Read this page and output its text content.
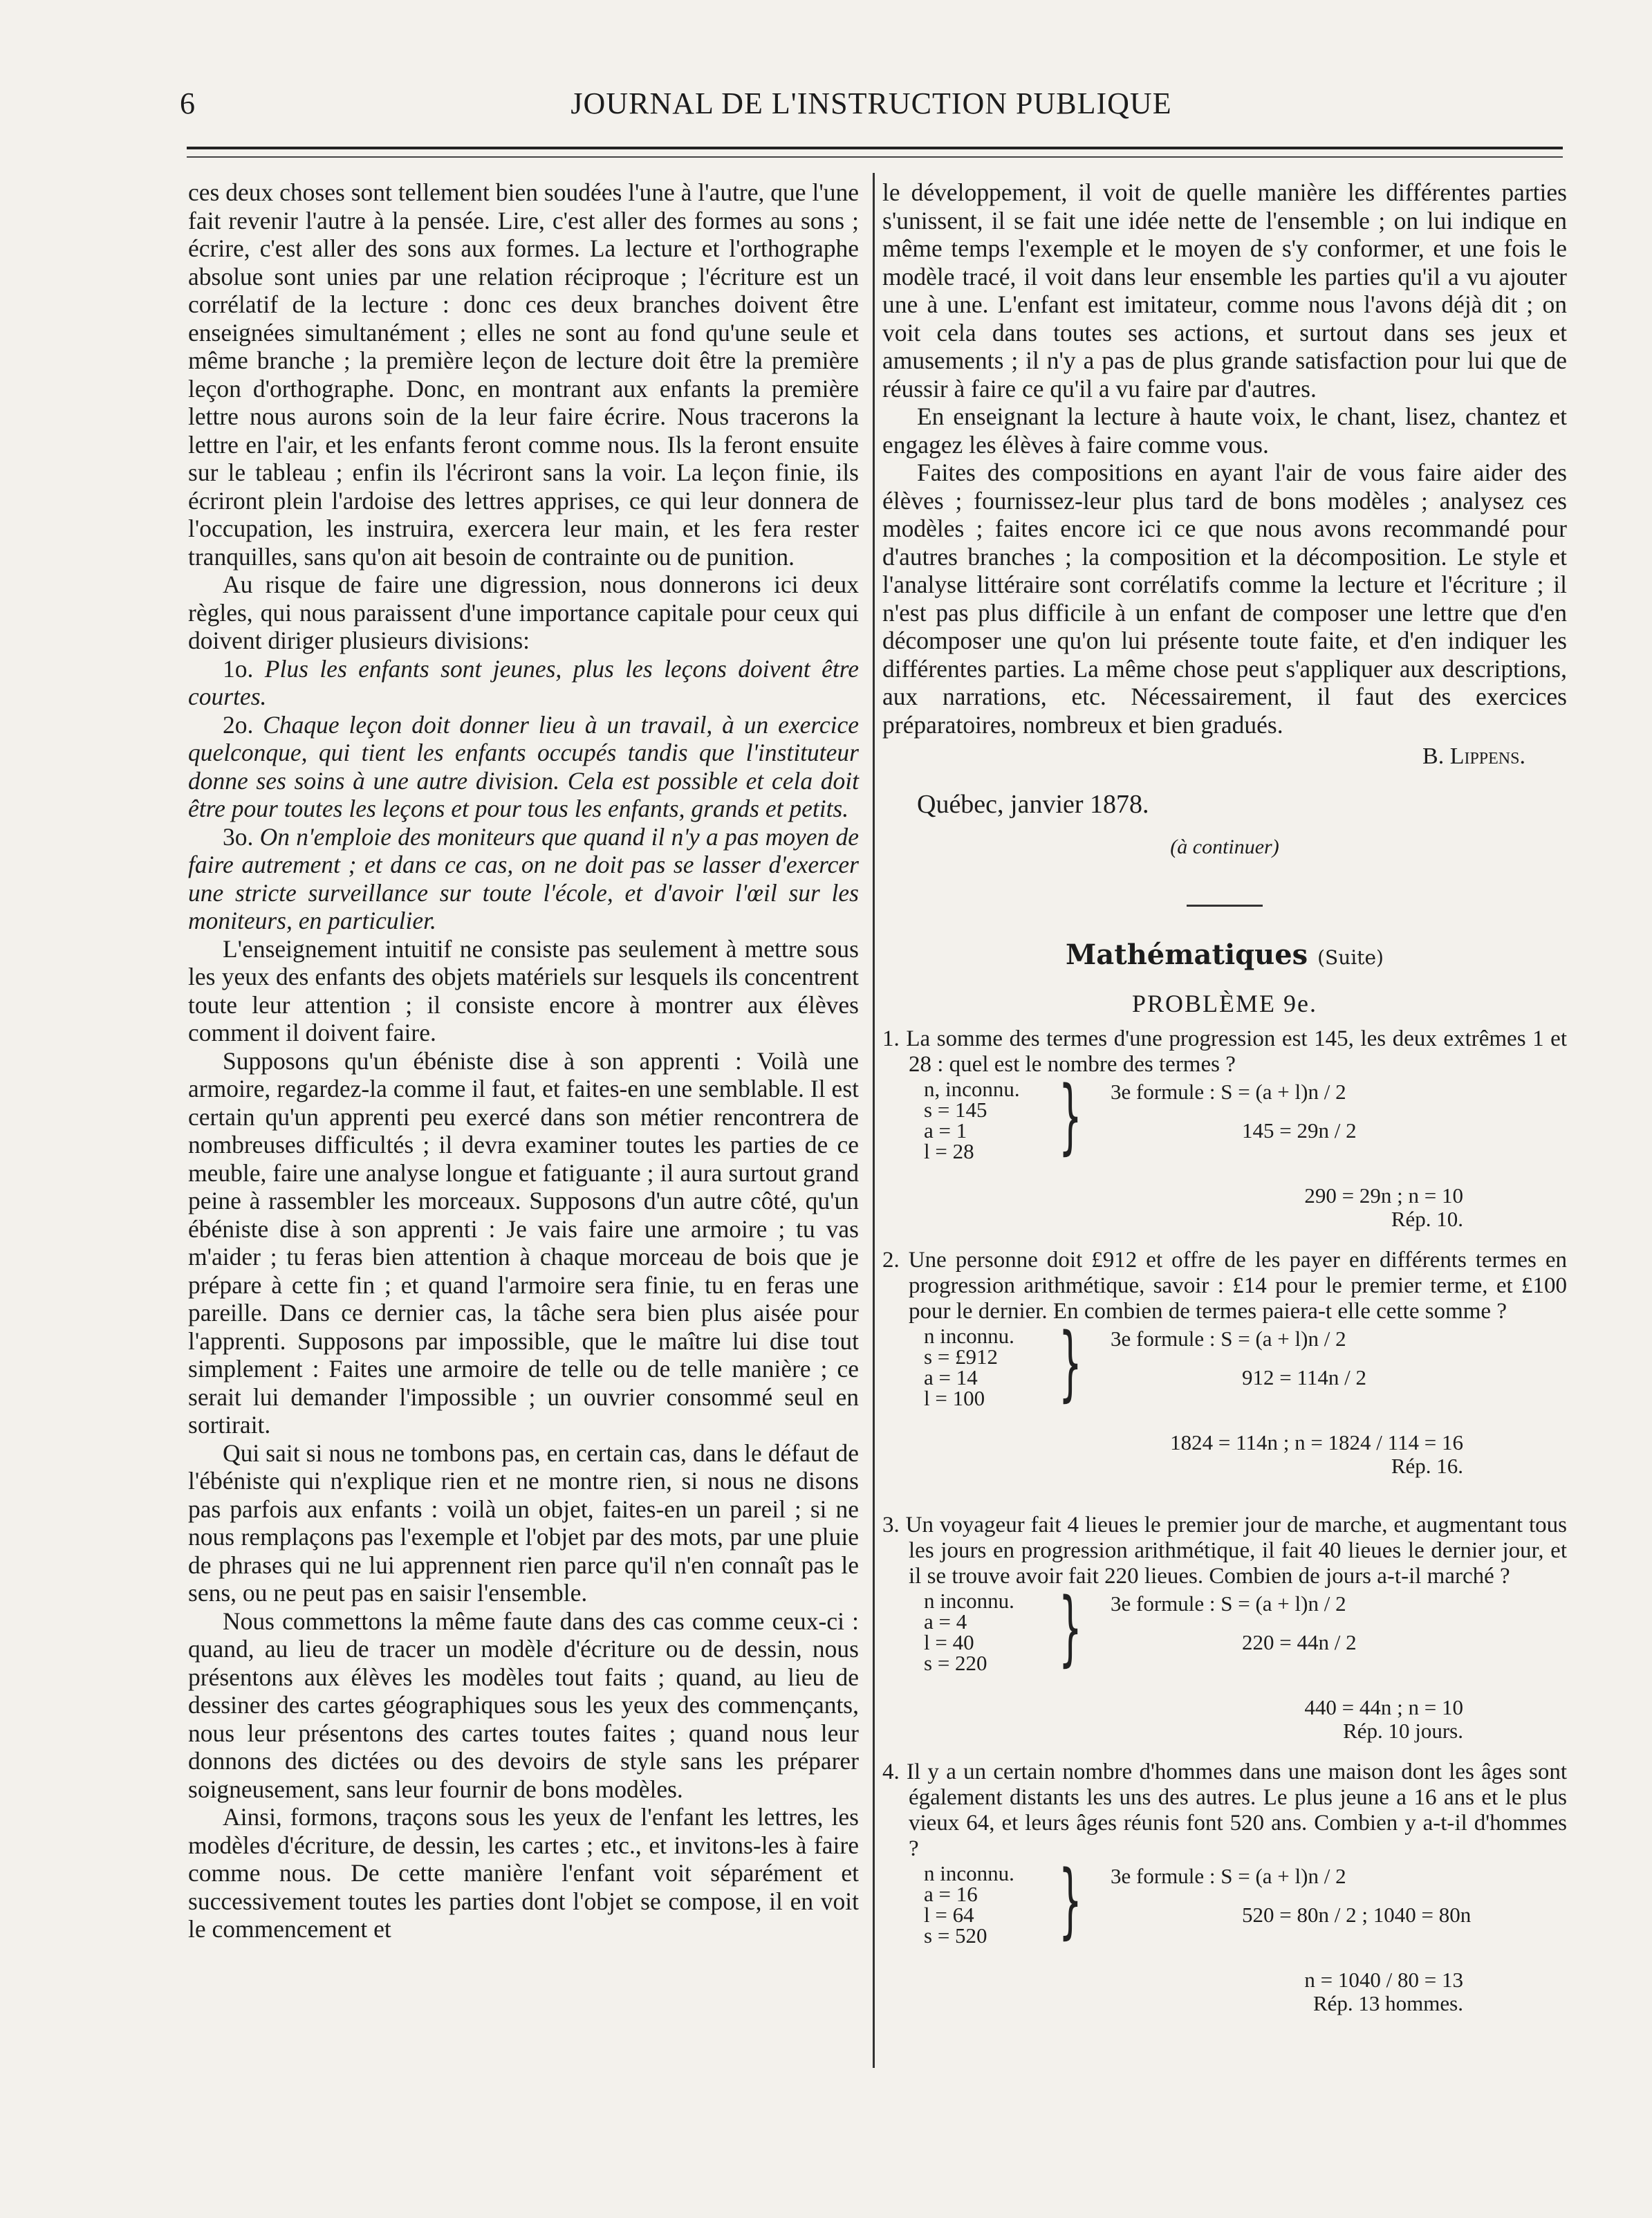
6	JOURNAL DE L'INSTRUCTION PUBLIQUE

ces deux choses sont tellement bien soudées l'une à l'autre, que l'une fait revenir l'autre à la pensée. Lire, c'est aller des formes au sons ; écrire, c'est aller des sons aux formes. La lecture et l'orthographe absolue sont unies par une relation réciproque ; l'écriture est un corrélatif de la lecture : donc ces deux branches doivent être enseignées simultanément ; elles ne sont au fond qu'une seule et même branche ; la première leçon de lecture doit être la première leçon d'orthographe. Donc, en montrant aux enfants la première lettre nous aurons soin de la leur faire écrire. Nous tracerons la lettre en l'air, et les enfants feront comme nous. Ils la feront ensuite sur le tableau ; enfin ils l'écriront sans la voir. La leçon finie, ils écriront plein l'ardoise des lettres apprises, ce qui leur donnera de l'occupation, les instruira, exercera leur main, et les fera rester tranquilles, sans qu'on ait besoin de contrainte ou de punition.

Au risque de faire une digression, nous donnerons ici deux règles, qui nous paraissent d'une importance capitale pour ceux qui doivent diriger plusieurs divisions:

1o. Plus les enfants sont jeunes, plus les leçons doivent être courtes.

2o. Chaque leçon doit donner lieu à un travail, à un exercice quelconque, qui tient les enfants occupés tandis que l'instituteur donne ses soins à une autre division. Cela est possible et cela doit être pour toutes les leçons et pour tous les enfants, grands et petits.

3o. On n'emploie des moniteurs que quand il n'y a pas moyen de faire autrement ; et dans ce cas, on ne doit pas se lasser d'exercer une stricte surveillance sur toute l'école, et d'avoir l'œil sur les moniteurs, en particulier.

L'enseignement intuitif ne consiste pas seulement à mettre sous les yeux des enfants des objets matériels sur lesquels ils concentrent toute leur attention ; il consiste encore à montrer aux élèves comment il doivent faire.

Supposons qu'un ébéniste dise à son apprenti : Voilà une armoire, regardez-la comme il faut, et faites-en une semblable. Il est certain qu'un apprenti peu exercé dans son métier rencontrera de nombreuses difficultés ; il devra examiner toutes les parties de ce meuble, faire une analyse longue et fatiguante ; il aura surtout grand peine à rassembler les morceaux. Supposons d'un autre côté, qu'un ébéniste dise à son apprenti : Je vais faire une armoire ; tu vas m'aider ; tu feras bien attention à chaque morceau de bois que je prépare à cette fin ; et quand l'armoire sera finie, tu en feras une pareille. Dans ce dernier cas, la tâche sera bien plus aisée pour l'apprenti. Supposons par impossible, que le maître lui dise tout simplement : Faites une armoire de telle ou de telle manière ; ce serait lui demander l'impossible ; un ouvrier consommé seul en sortirait.

Qui sait si nous ne tombons pas, en certain cas, dans le défaut de l'ébéniste qui n'explique rien et ne montre rien, si nous ne disons pas parfois aux enfants : voilà un objet, faites-en un pareil ; si ne nous remplaçons pas l'exemple et l'objet par des mots, par une pluie de phrases qui ne lui apprennent rien parce qu'il n'en connaît pas le sens, ou ne peut pas en saisir l'ensemble.

Nous commettons la même faute dans des cas comme ceux-ci : quand, au lieu de tracer un modèle d'écriture ou de dessin, nous présentons aux élèves les modèles tout faits ; quand, au lieu de dessiner des cartes géographiques sous les yeux des commençants, nous leur présentons des cartes toutes faites ; quand nous leur donnons des dictées ou des devoirs de style sans les préparer soigneusement, sans leur fournir de bons modèles.

Ainsi, formons, traçons sous les yeux de l'enfant les lettres, les modèles d'écriture, de dessin, les cartes ; etc., et invitons-les à faire comme nous. De cette manière l'enfant voit séparément et successivement toutes les parties dont l'objet se compose, il en voit le commencement et

le développement, il voit de quelle manière les différentes parties s'unissent, il se fait une idée nette de l'ensemble ; on lui indique en même temps l'exemple et le moyen de s'y conformer, et une fois le modèle tracé, il voit dans leur ensemble les parties qu'il a vu ajouter une à une. L'enfant est imitateur, comme nous l'avons déjà dit ; on voit cela dans toutes ses actions, et surtout dans ses jeux et amusements ; il n'y a pas de plus grande satisfaction pour lui que de réussir à faire ce qu'il a vu faire par d'autres.

En enseignant la lecture à haute voix, le chant, lisez, chantez et engagez les élèves à faire comme vous.

Faites des compositions en ayant l'air de vous faire aider des élèves ; fournissez-leur plus tard de bons modèles ; analysez ces modèles ; faites encore ici ce que nous avons recommandé pour d'autres branches ; la composition et la décomposition. Le style et l'analyse littéraire sont corrélatifs comme la lecture et l'écriture ; il n'est pas plus difficile à un enfant de composer une lettre que d'en décomposer une qu'on lui présente toute faite, et d'en indiquer les différentes parties. La même chose peut s'appliquer aux descriptions, aux narrations, etc. Nécessairement, il faut des exercices préparatoires, nombreux et bien gradués.

B. Lippens.
Québec, janvier 1878.
(à continuer)
Mathématiques (Suite)
PROBLÈME 9e.
1. La somme des termes d'une progression est 145, les deux extrêmes 1 et 28 : quel est le nombre des termes ?
n, inconnu.
s = 145
a = 1
l = 28	} 3e formule : S = (a + l)n / 2
145 = 29n / 2
290 = 29n ; n = 10
Rép. 10.
2. Une personne doit £912 et offre de les payer en différents termes en progression arithmétique, savoir : £14 pour le premier terme, et £100 pour le dernier. En combien de termes paiera-t elle cette somme ?
n inconnu.
s = £912
a = 14
l = 100 } 3e formule : S = (a + l)n / 2
912 = 114n / 2
1824 = 114n ; n = 1824 / 114 = 16
Rép. 16.
3. Un voyageur fait 4 lieues le premier jour de marche, et augmentant tous les jours en progression arithmétique, il fait 40 lieues le dernier jour, et il se trouve avoir fait 220 lieues. Combien de jours a-t-il marché ?
n inconnu.
a = 4
l = 40
s = 220 } 3e formule : S = (a + l)n / 2
220 = 44n / 2
440 = 44n ; n = 10
Rép. 10 jours.
4. Il y a un certain nombre d'hommes dans une maison dont les âges sont également distants les uns des autres. Le plus jeune a 16 ans et le plus vieux 64, et leurs âges réunis font 520 ans. Combien y a-t-il d'hommes ?
n inconnu.
a = 16
l = 64
s = 520 } 3e formule : S = (a + l)n / 2
520 = 80n / 2 ; 1040 = 80n
n = 1040 / 80 = 13
Rép. 13 hommes.
